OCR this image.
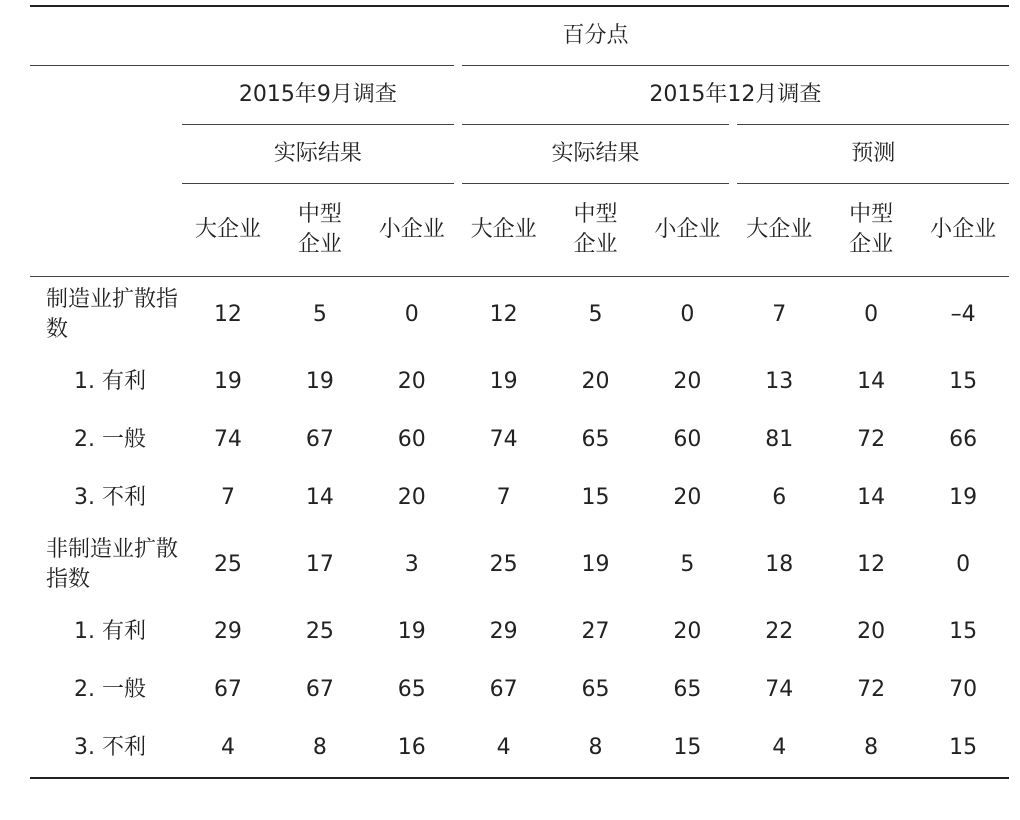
	百分点								
	2015年9月调查			2015年12月调查					
	实际结果			实际结果			预测		
	大企业	中型企业	小企业	大企业	中型企业	小企业	大企业	中型企业	小企业
制造业扩散指数	12	5	0	12	5	0	7	0	–4
1. 有利	19	19	20	19	20	20	13	14	15
2. 一般	74	67	60	74	65	60	81	72	66
3. 不利	7	14	20	7	15	20	6	14	19
非制造业扩散指数	25	17	3	25	19	5	18	12	0
1. 有利	29	25	19	29	27	20	22	20	15
2. 一般	67	67	65	67	65	65	74	72	70
3. 不利	4	8	16	4	8	15	4	8	15
